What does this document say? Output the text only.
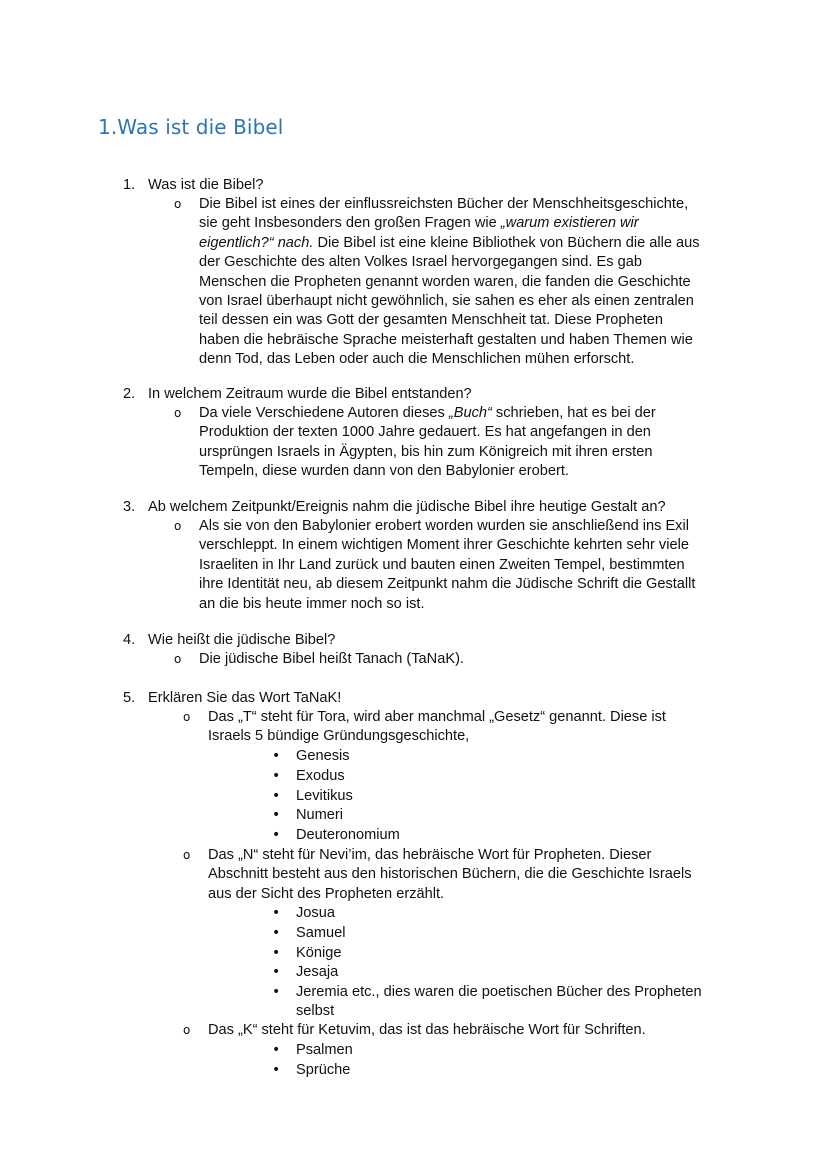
1.Was ist die Bibel
1. Was ist die Bibel?
o Die Bibel ist eines der einflussreichsten Bücher der Menschheitsgeschichte,

sie geht Insbesonders den großen Fragen wie „warum existieren wir

eigentlich?“ nach. Die Bibel ist eine kleine Bibliothek von Büchern die alle aus

der Geschichte des alten Volkes Israel hervorgegangen sind. Es gab

Menschen die Propheten genannt worden waren, die fanden die Geschichte

von Israel überhaupt nicht gewöhnlich, sie sahen es eher als einen zentralen

teil dessen ein was Gott der gesamten Menschheit tat. Diese Propheten

haben die hebräische Sprache meisterhaft gestalten und haben Themen wie

denn Tod, das Leben oder auch die Menschlichen mühen erforscht.

2. In welchem Zeitraum wurde die Bibel entstanden?
o Da viele Verschiedene Autoren dieses „Buch“ schrieben, hat es bei der

Produktion der texten 1000 Jahre gedauert. Es hat angefangen in den

ursprüngen Israels in Ägypten, bis hin zum Königreich mit ihren ersten

Tempeln, diese wurden dann von den Babylonier erobert.

3. Ab welchem Zeitpunkt/Ereignis nahm die jüdische Bibel ihre heutige Gestalt an?
o Als sie von den Babylonier erobert worden wurden sie anschließend ins Exil

verschleppt. In einem wichtigen Moment ihrer Geschichte kehrten sehr viele

Israeliten in Ihr Land zurück und bauten einen Zweiten Tempel, bestimmten

ihre Identität neu, ab diesem Zeitpunkt nahm die Jüdische Schrift die Gestallt

an die bis heute immer noch so ist.

4. Wie heißt die jüdische Bibel?
o Die jüdische Bibel heißt Tanach (TaNaK).

5. Erklären Sie das Wort TaNaK!
o Das „T“ steht für Tora, wird aber manchmal „Gesetz“ genannt. Diese ist

Israels 5 bündige Gründungsgeschichte,

• Genesis
• Exodus
• Levitikus
• Numeri
• Deuteronomium
o Das „N“ steht für Nevi’im, das hebräische Wort für Propheten. Dieser

Abschnitt besteht aus den historischen Büchern, die die Geschichte Israels

aus der Sicht des Propheten erzählt.

• Josua
• Samuel
• Könige
• Jesaja
• Jeremia etc., dies waren die poetischen Bücher des Propheten

selbst

o Das „K“ steht für Ketuvim, das ist das hebräische Wort für Schriften.

• Psalmen
• Sprüche
